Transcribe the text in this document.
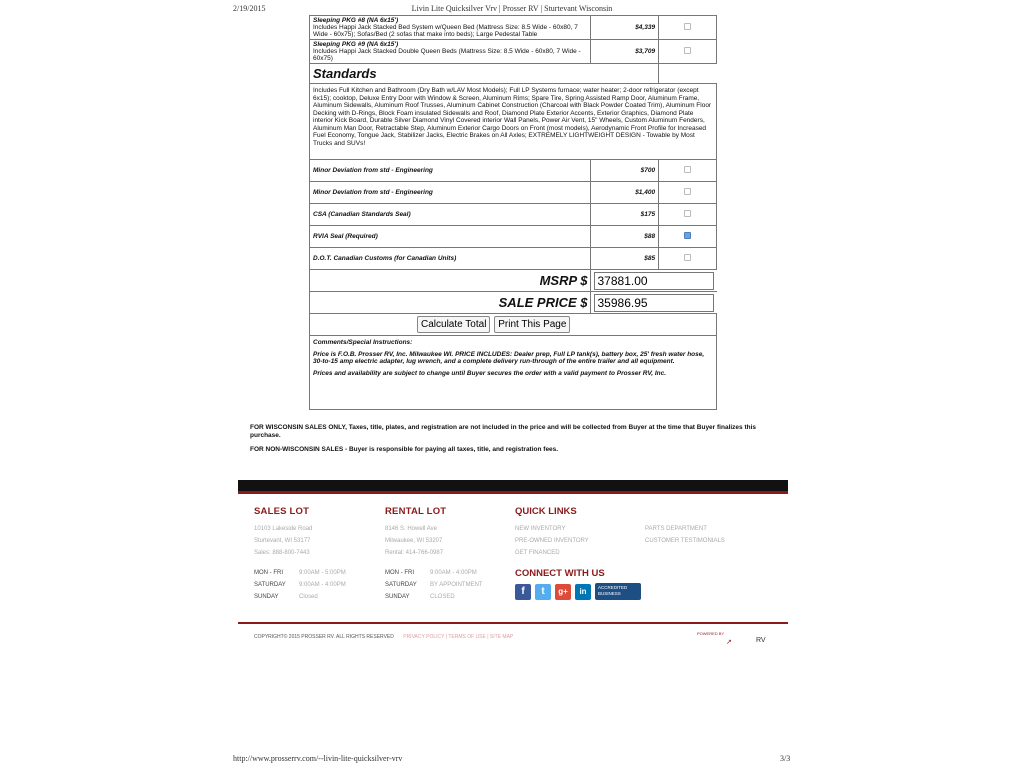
2/19/2015	Livin Lite Quicksilver Vrv | Prosser RV | Sturtevant Wisconsin
Sleeping PKG #8 (NA 6x15')
Includes Happi Jack Stacked Bed System w/Queen Bed (Mattress Size: 8.5 Wide - 60x80, 7 Wide - 60x75); Sofas/Bed (2 sofas that make into beds); Large Pedestal Table	$4,339	

Sleeping PKG #9 (NA 6x15')
Includes Happi Jack Stacked Double Queen Beds (Mattress Size: 8.5 Wide - 60x80, 7 Wide - 60x75)	$3,709	
Standards		
Includes Full Kitchen and Bathroom (Dry Bath w/LAV Most Models); Full LP Systems furnace; water heater; 2-door refrigerator (except 6x15); cooktop, Deluxe Entry Door with Window & Screen, Aluminum Rims; Spare Tire, Spring Assisted Ramp Door, Aluminum Frame, Aluminum Sidewalls, Aluminum Roof Trusses, Aluminum Cabinet Construction (Charcoal with Black Powder Coated Trim), Aluminum Floor Decking with D-Rings, Block Foam insulated Sidewalls and Roof, Diamond Plate Exterior Accents, Exterior Graphics, Diamond Plate interior Kick Board, Durable Silver Diamond Vinyl Covered interior Wall Panels, Power Air Vent, 15" Wheels, Custom Aluminum Fenders, Aluminum Man Door, Retractable Step, Aluminum Exterior Cargo Doors on Front (most models), Aerodynamic Front Profile for Increased Fuel Economy, Tongue Jack, Stabilizer Jacks, Electric Brakes on All Axles; EXTREMELY LIGHTWEIGHT DESIGN - Towable by Most Trucks and SUVs!		
Minor Deviation from std - Engineering	$700	
Minor Deviation from std - Engineering	$1,400	
CSA (Canadian Standards Seal)	$175	
RVIA Seal (Required)	$88	
D.O.T. Canadian Customs (for Canadian Units)	$85	
MSRP $	37881.00
SALE PRICE $	35986.95
Calculate Total Print This Page		

Comments/Special Instructions:

Price is F.O.B. Prosser RV, Inc. Milwaukee WI. PRICE INCLUDES: Dealer prep, Full LP tank(s), battery box, 25' fresh water hose, 30-to-15 amp electric adapter, lug wrench, and a complete delivery run-through of the entire trailer and all equipment.

Prices and availability are subject to change until Buyer secures the order with a valid payment to Prosser RV, Inc.		

FOR WISCONSIN SALES ONLY, Taxes, title, plates, and registration are not included in the price and will be collected from Buyer at the time that Buyer finalizes this purchase.
FOR NON-WISCONSIN SALES - Buyer is responsible for paying all taxes, title, and registration fees.
SALES LOT
10103 Lakeside Road
Sturtevant, WI 53177
Sales: 888-800-7443
MON - FRI	9:00AM - 5:00PM
SATURDAY	9:00AM - 4:00PM
SUNDAY	Closed
RENTAL LOT
8146 S. Howell Ave
Milwaukee, WI 53207
Rental: 414-766-0987
MON - FRI	9:00AM - 4:00PM
SATURDAY	BY APPOINTMENT
SUNDAY	CLOSED
QUICK LINKS
NEW INVENTORY	PARTS DEPARTMENT
PRE-OWNED INVENTORY	CUSTOMER TESTIMONIALS
GET FINANCED
CONNECT WITH US
f	t	g+	in	ACCREDITED BUSINESS
COPYRIGHT© 2015 PROSSER RV. ALL RIGHTS RESERVED PRIVACY POLICY | TERMS OF USE | SITE MAP
POWERED BY
↗	RV
http://www.prosserrv.com/--livin-lite-quicksilver-vrv	3/3
